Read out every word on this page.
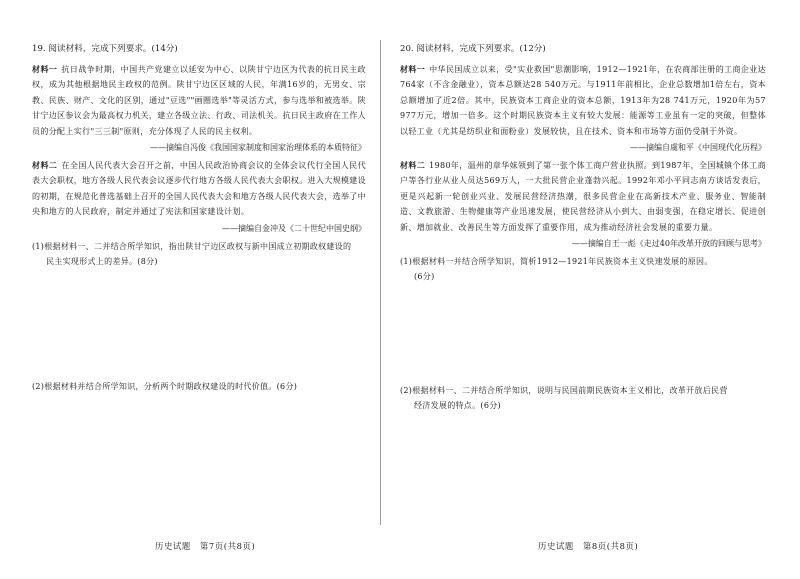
19. 阅读材料，完成下列要求。(14分)

材料一 抗日战争时期，中国共产党建立以延安为中心、以陕甘宁边区为代表的抗日民主政权，成为其他根据地民主政权的范例。陕甘宁边区区域的人民，年满16岁的，无男女、宗教、民族、财产、文化的区别，通过"豆选""画圈选举"等灵活方式，参与选举和被选举。陕甘宁边区参议会为最高权力机关，建立各级立法、行政、司法机关。抗日民主政府在工作人员的分配上实行"三三制"原则，充分体现了人民的民主权利。

——摘编自冯俊《我国国家制度和国家治理体系的本质特征》

材料二 在全国人民代表大会召开之前，中国人民政治协商会议的全体会议代行全国人民代表大会职权，地方各级人民代表会议逐步代行地方各级人民代表大会职权。进入大规模建设的初期，在规范化普选基础上召开的全国人民代表大会和地方各级人民代表大会，选举了中央和地方的人民政府，制定并通过了宪法和国家建设计划。

——摘编自金冲及《二十世纪中国史纲》

(1)根据材料一、二并结合所学知识，指出陕甘宁边区政权与新中国成立初期政权建设的
民主实现形式上的差异。(8分)

(2)根据材料并结合所学知识，分析两个时期政权建设的时代价值。(6分)

20. 阅读材料，完成下列要求。(12分)

材料一 中华民国成立以来，受"实业救国"思潮影响，1912—1921年，在农商部注册的工商企业达764家（不含金融业），资本总额达28 540万元。与1911年前相比，企业总数增加1倍左右，资本总额增加了近2倍。其中，民族资本工商企业的资本总额，1913年为28 741万元，1920年为57 977万元，增加一倍多。这个时期民族资本主义有较大发展：能源等工业虽有一定的突破，但整体以轻工业（尤其是纺织业和面粉业）发展较快，且在技术、资本和市场等方面仍受制于外资。

——摘编自虞和平《中国现代化历程》

材料二 1980年，温州的章华妹领到了第一张个体工商户营业执照。到1987年，全国城镇个体工商户等各行业从业人员达569万人，一大批民营企业蓬勃兴起。1992年邓小平同志南方谈话发表后，更是兴起新一轮创业兴业、发展民营经济热潮，很多民营企业在高新技术产业、服务业、智能制造、文教旅游、生物健康等产业迅速发展，使民营经济从小到大、由弱变强，在稳定增长、促进创新、增加就业、改善民生等方面发挥了重要作用，成为推动经济社会发展的重要力量。

——摘编自王一彪《走过40年改革开放的回顾与思考》

(1)根据材料一并结合所学知识，简析1912—1921年民族资本主义快速发展的原因。
(6分)

(2)根据材料一、二并结合所学知识，说明与民国前期民族资本主义相比，改革开放后民营
经济发展的特点。(6分)

历史试题　第7页(共8页)	历史试题　第8页(共8页)
